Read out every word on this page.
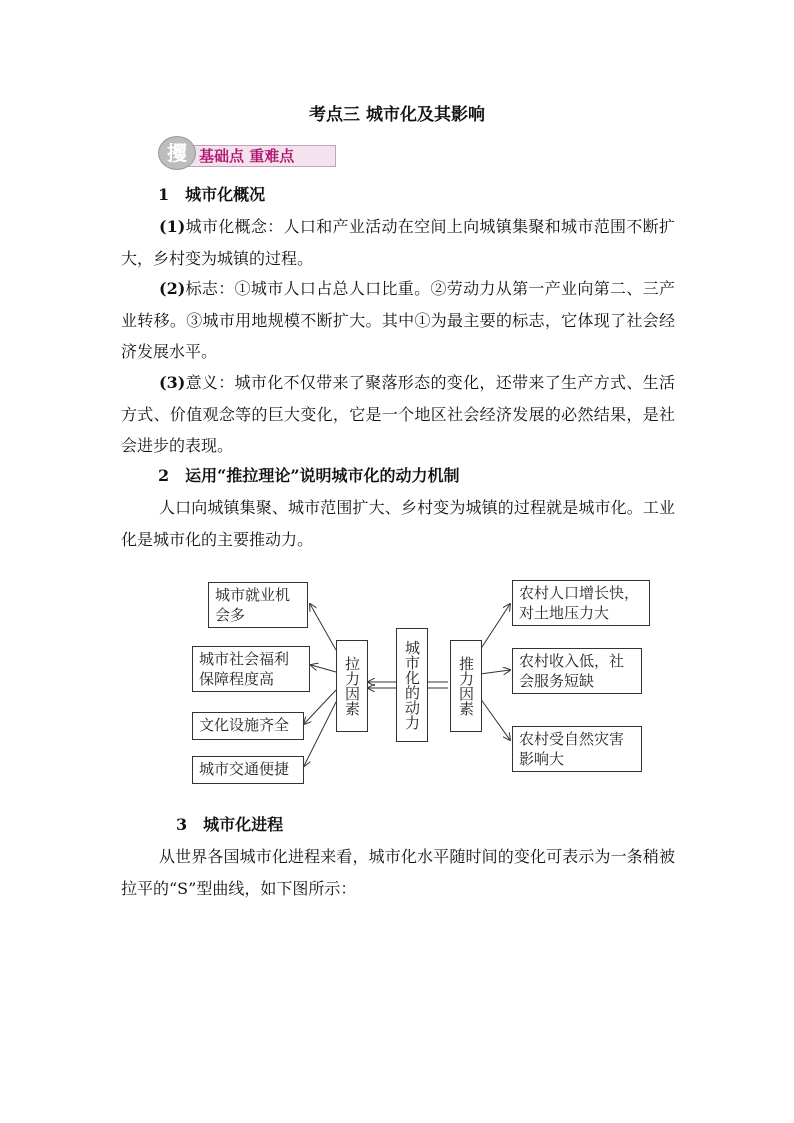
考点三 城市化及其影响
基础点 重难点
攫
1　城市化概况
(1)城市化概念：人口和产业活动在空间上向城镇集聚和城市范围不断扩大，乡村变为城镇的过程。
(2)标志：①城市人口占总人口比重。②劳动力从第一产业向第二、三产业转移。③城市用地规模不断扩大。其中①为最主要的标志，它体现了社会经济发展水平。
(3)意义：城市化不仅带来了聚落形态的变化，还带来了生产方式、生活方式、价值观念等的巨大变化，它是一个地区社会经济发展的必然结果，是社会进步的表现。
2　运用“推拉理论”说明城市化的动力机制
人口向城镇集聚、城市范围扩大、乡村变为城镇的过程就是城市化。工业化是城市化的主要推动力。
城市就业机会多
城市社会福利保障程度高
文化设施齐全
城市交通便捷
拉力因素	城市化的动力	推力因素
农村人口增长快，对土地压力大
农村收入低，社会服务短缺
农村受自然灾害影响大
3　城市化进程
从世界各国城市化进程来看，城市化水平随时间的变化可表示为一条稍被拉平的“S”型曲线，如下图所示：
